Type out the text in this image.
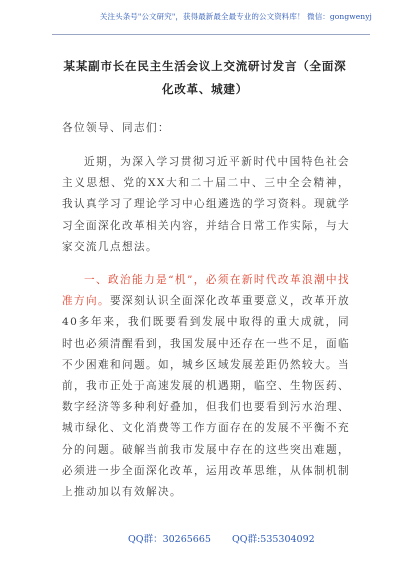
关注头条号"公文研究"，获得最新最全最专业的公文资料库！ 微信：gongwenyj
某某副市长在民主生活会议上交流研讨发言（全面深化改革、城建）
各位领导、同志们：
近期，为深入学习贯彻习近平新时代中国特色社会主义思想、党的XX大和二十届二中、三中全会精神，我认真学习了理论学习中心组遴选的学习资料。现就学习全面深化改革相关内容，并结合日常工作实际，与大家交流几点想法。
一、政治能力是“机”，必须在新时代改革浪潮中找准方向。要深刻认识全面深化改革重要意义，改革开放40多年来，我们既要看到发展中取得的重大成就，同时也必须清醒看到，我国发展中还存在一些不足，面临不少困难和问题。如，城乡区域发展差距仍然较大。当前，我市正处于高速发展的机遇期，临空、生物医药、数字经济等多种利好叠加，但我们也要看到污水治理、城市绿化、文化消费等工作方面存在的发展不平衡不充分的问题。破解当前我市发展中存在的这些突出难题，必须进一步全面深化改革，运用改革思维，从体制机制上推动加以有效解决。
QQ群：30265665 QQ群:535304092
